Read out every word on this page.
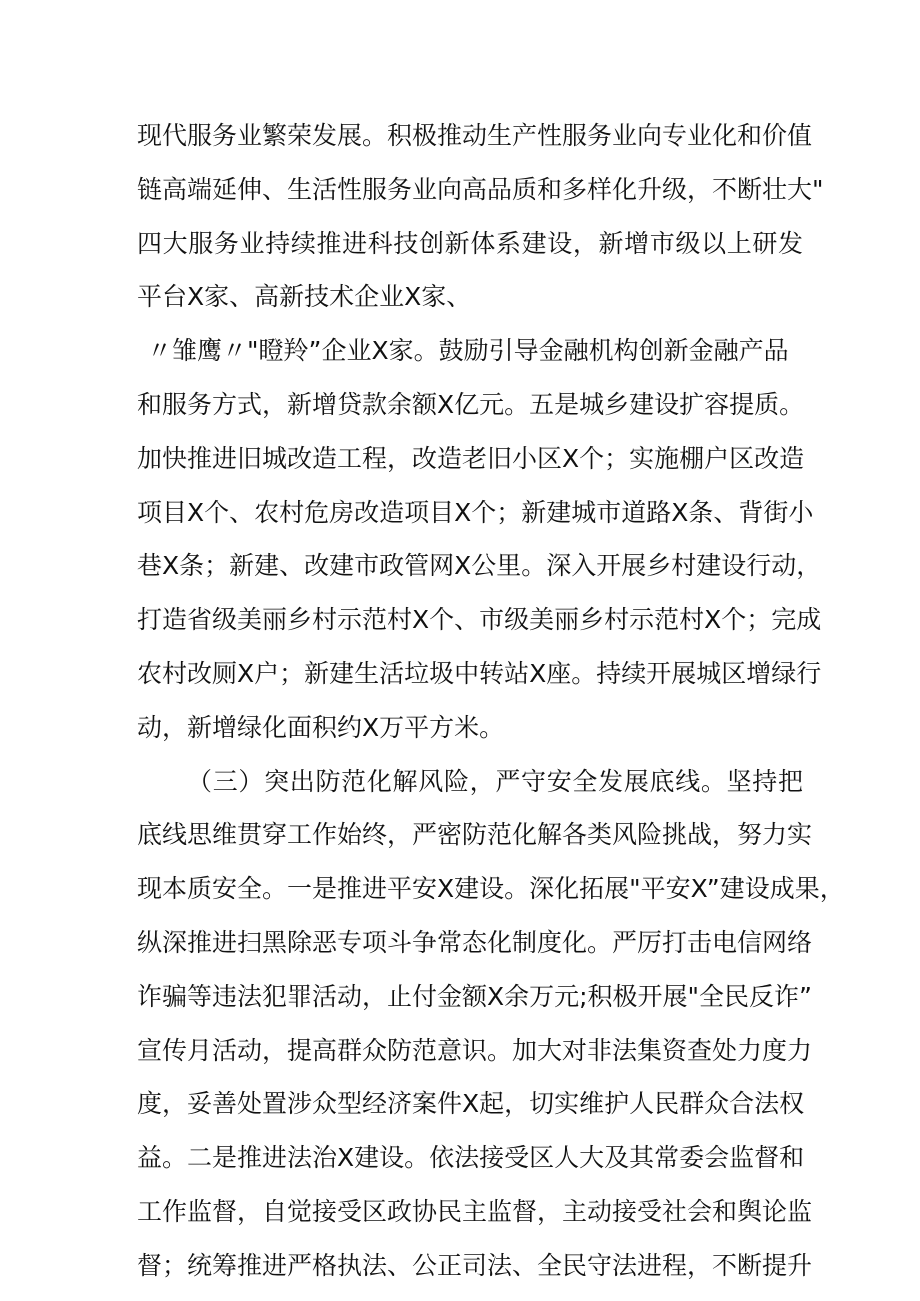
现代服务业繁荣发展。积极推动生产性服务业向专业化和价值
链高端延伸、生活性服务业向高品质和多样化升级，不断壮大"
四大服务业持续推进科技创新体系建设，新增市级以上研发
平台X家、高新技术企业X家、
〃雏鹰〃"瞪羚”企业X家。鼓励引导金融机构创新金融产品
和服务方式，新增贷款余额X亿元。五是城乡建设扩容提质。
加快推进旧城改造工程，改造老旧小区X个；实施棚户区改造
项目X个、农村危房改造项目X个；新建城市道路X条、背街小
巷X条；新建、改建市政管网X公里。深入开展乡村建设行动，
打造省级美丽乡村示范村X个、市级美丽乡村示范村X个；完成
农村改厕X户；新建生活垃圾中转站X座。持续开展城区增绿行
动，新增绿化面积约X万平方米。
（三）突出防范化解风险，严守安全发展底线。坚持把
底线思维贯穿工作始终，严密防范化解各类风险挑战，努力实
现本质安全。一是推进平安X建设。深化拓展"平安X”建设成果，
纵深推进扫黑除恶专项斗争常态化制度化。严厉打击电信网络
诈骗等违法犯罪活动，止付金额X余万元;积极开展"全民反诈”
宣传月活动，提高群众防范意识。加大对非法集资查处力度力
度，妥善处置涉众型经济案件X起，切实维护人民群众合法权
益。二是推进法治X建设。依法接受区人大及其常委会监督和
工作监督，自觉接受区政协民主监督，主动接受社会和舆论监
督；统筹推进严格执法、公正司法、全民守法进程，不断提升
